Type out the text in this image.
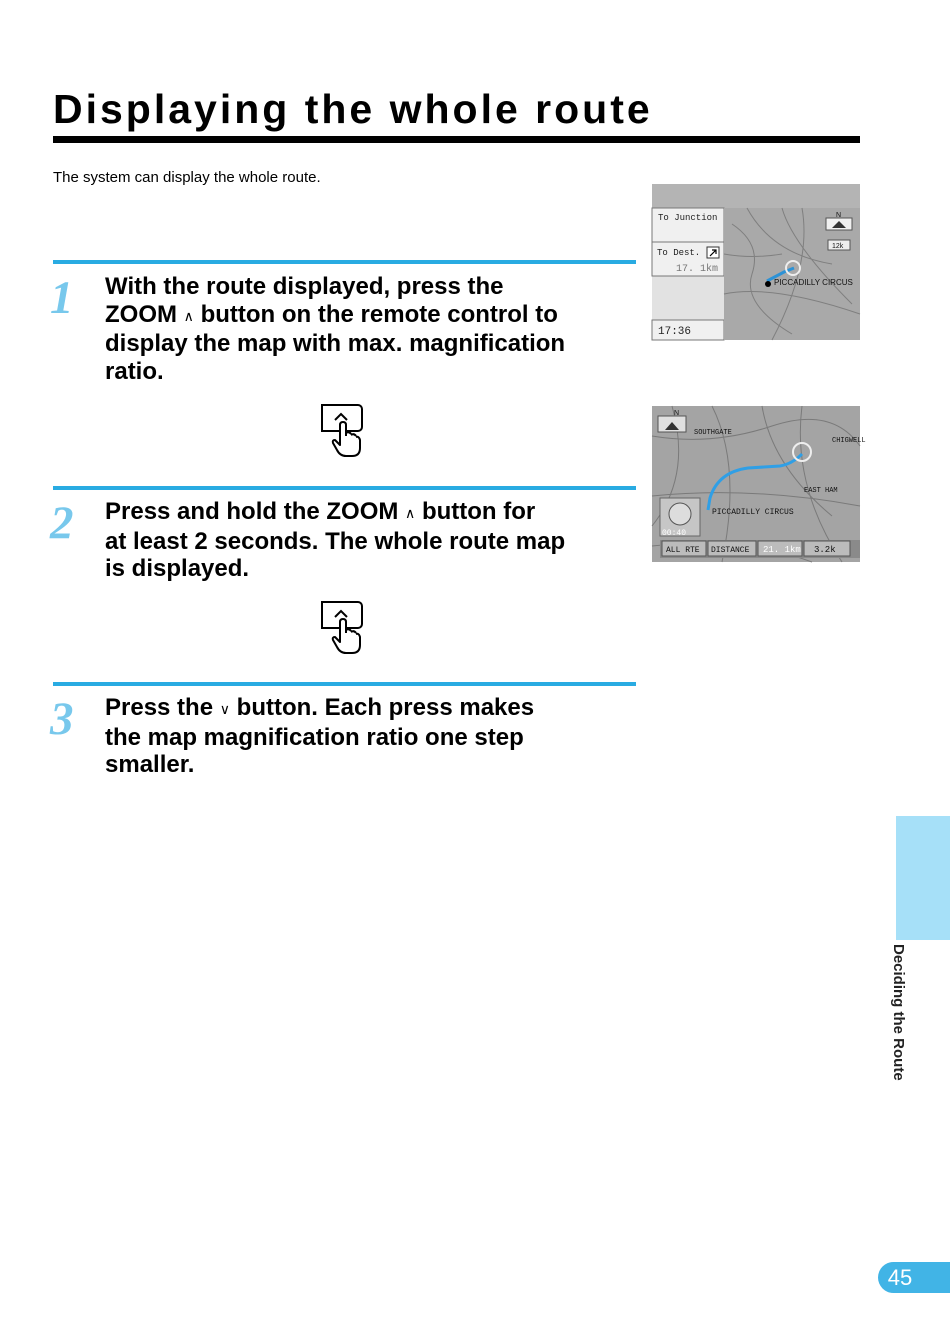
Displaying the whole route

The system can display the whole route.

1 With the route displayed, press the
ZOOM ∧ button on the remote control to
display the map with max. magnification
ratio.

2 Press and hold the ZOOM ∧ button for
at least 2 seconds. The whole route map
is displayed.

3 Press the ∨ button. Each press makes
the map magnification ratio one step
smaller.

To Junction
To Dest.
17. 1km
17:36
PICCADILLY CIRCUS
N
12k
N
SOUTHGATE
CHIGWELL
EAST HAM
PICCADILLY CIRCUS
00:40
ALL RTE DISTANCE 21. 1km 3.2k
Deciding the Route
45
